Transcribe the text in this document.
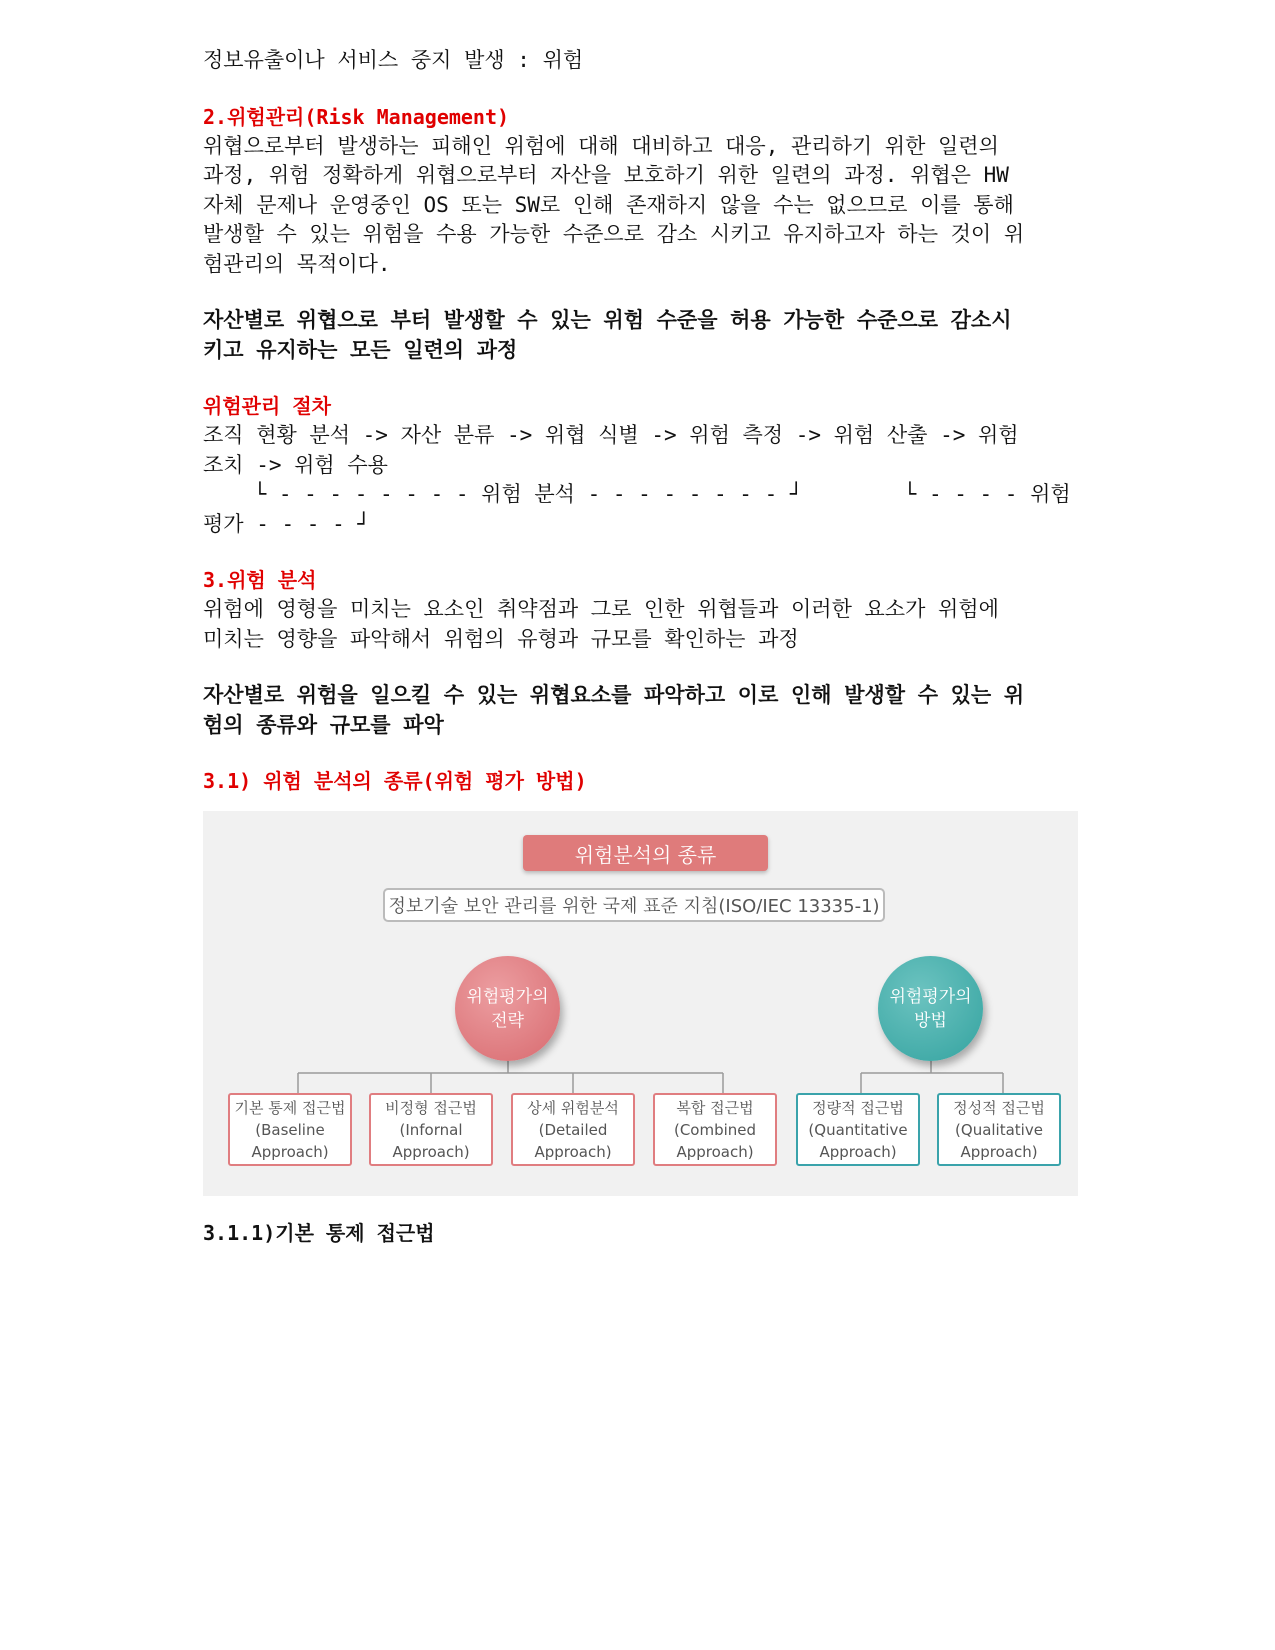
정보유출이나 서비스 중지 발생 : 위험

2.위험관리(Risk Management)

위협으로부터 발생하는 피해인 위험에 대해 대비하고 대응, 관리하기 위한 일련의

과정, 위험 정확하게 위협으로부터 자산을 보호하기 위한 일련의 과정. 위협은 HW

자체 문제나 운영중인 OS 또는 SW로 인해 존재하지 않을 수는 없으므로 이를 통해

발생할 수 있는 위험을 수용 가능한 수준으로 감소 시키고 유지하고자 하는 것이 위

험관리의 목적이다.

자산별로 위협으로 부터 발생할 수 있는 위험 수준을 허용 가능한 수준으로 감소시

키고 유지하는 모든 일련의 과정

위험관리 절차

조직 현황 분석 -> 자산 분류 -> 위협 식별 -> 위험 측정 -> 위험 산출 -> 위험

조치 -> 위험 수용

└ - - - - - - - - 위험 분석 - - - - - - - - ┘        └ - - - - 위험

평가 - - - - ┘

3.위험 분석

위험에 영형을 미치는 요소인 취약점과 그로 인한 위협들과 이러한 요소가 위험에

미치는 영향을 파악해서 위험의 유형과 규모를 확인하는 과정

자산별로 위험을 일으킬 수 있는 위협요소를 파악하고 이로 인해 발생할 수 있는 위

험의 종류와 규모를 파악

3.1) 위험 분석의 종류(위험 평가 방법)

위험분석의 종류
정보기술 보안 관리를 위한 국제 표준 지침(ISO/IEC 13335-1)
위험평가의
전략
위험평가의
방법
기본 통제 접근법
(Baseline
Approach)
비정형 접근법
(Infornal
Approach)
상세 위험분석
(Detailed
Approach)
복합 접근법
(Combined
Approach)
정량적 접근법
(Quantitative
Approach)
정성적 접근법
(Qualitative
Approach)

3.1.1)기본 통제 접근법
